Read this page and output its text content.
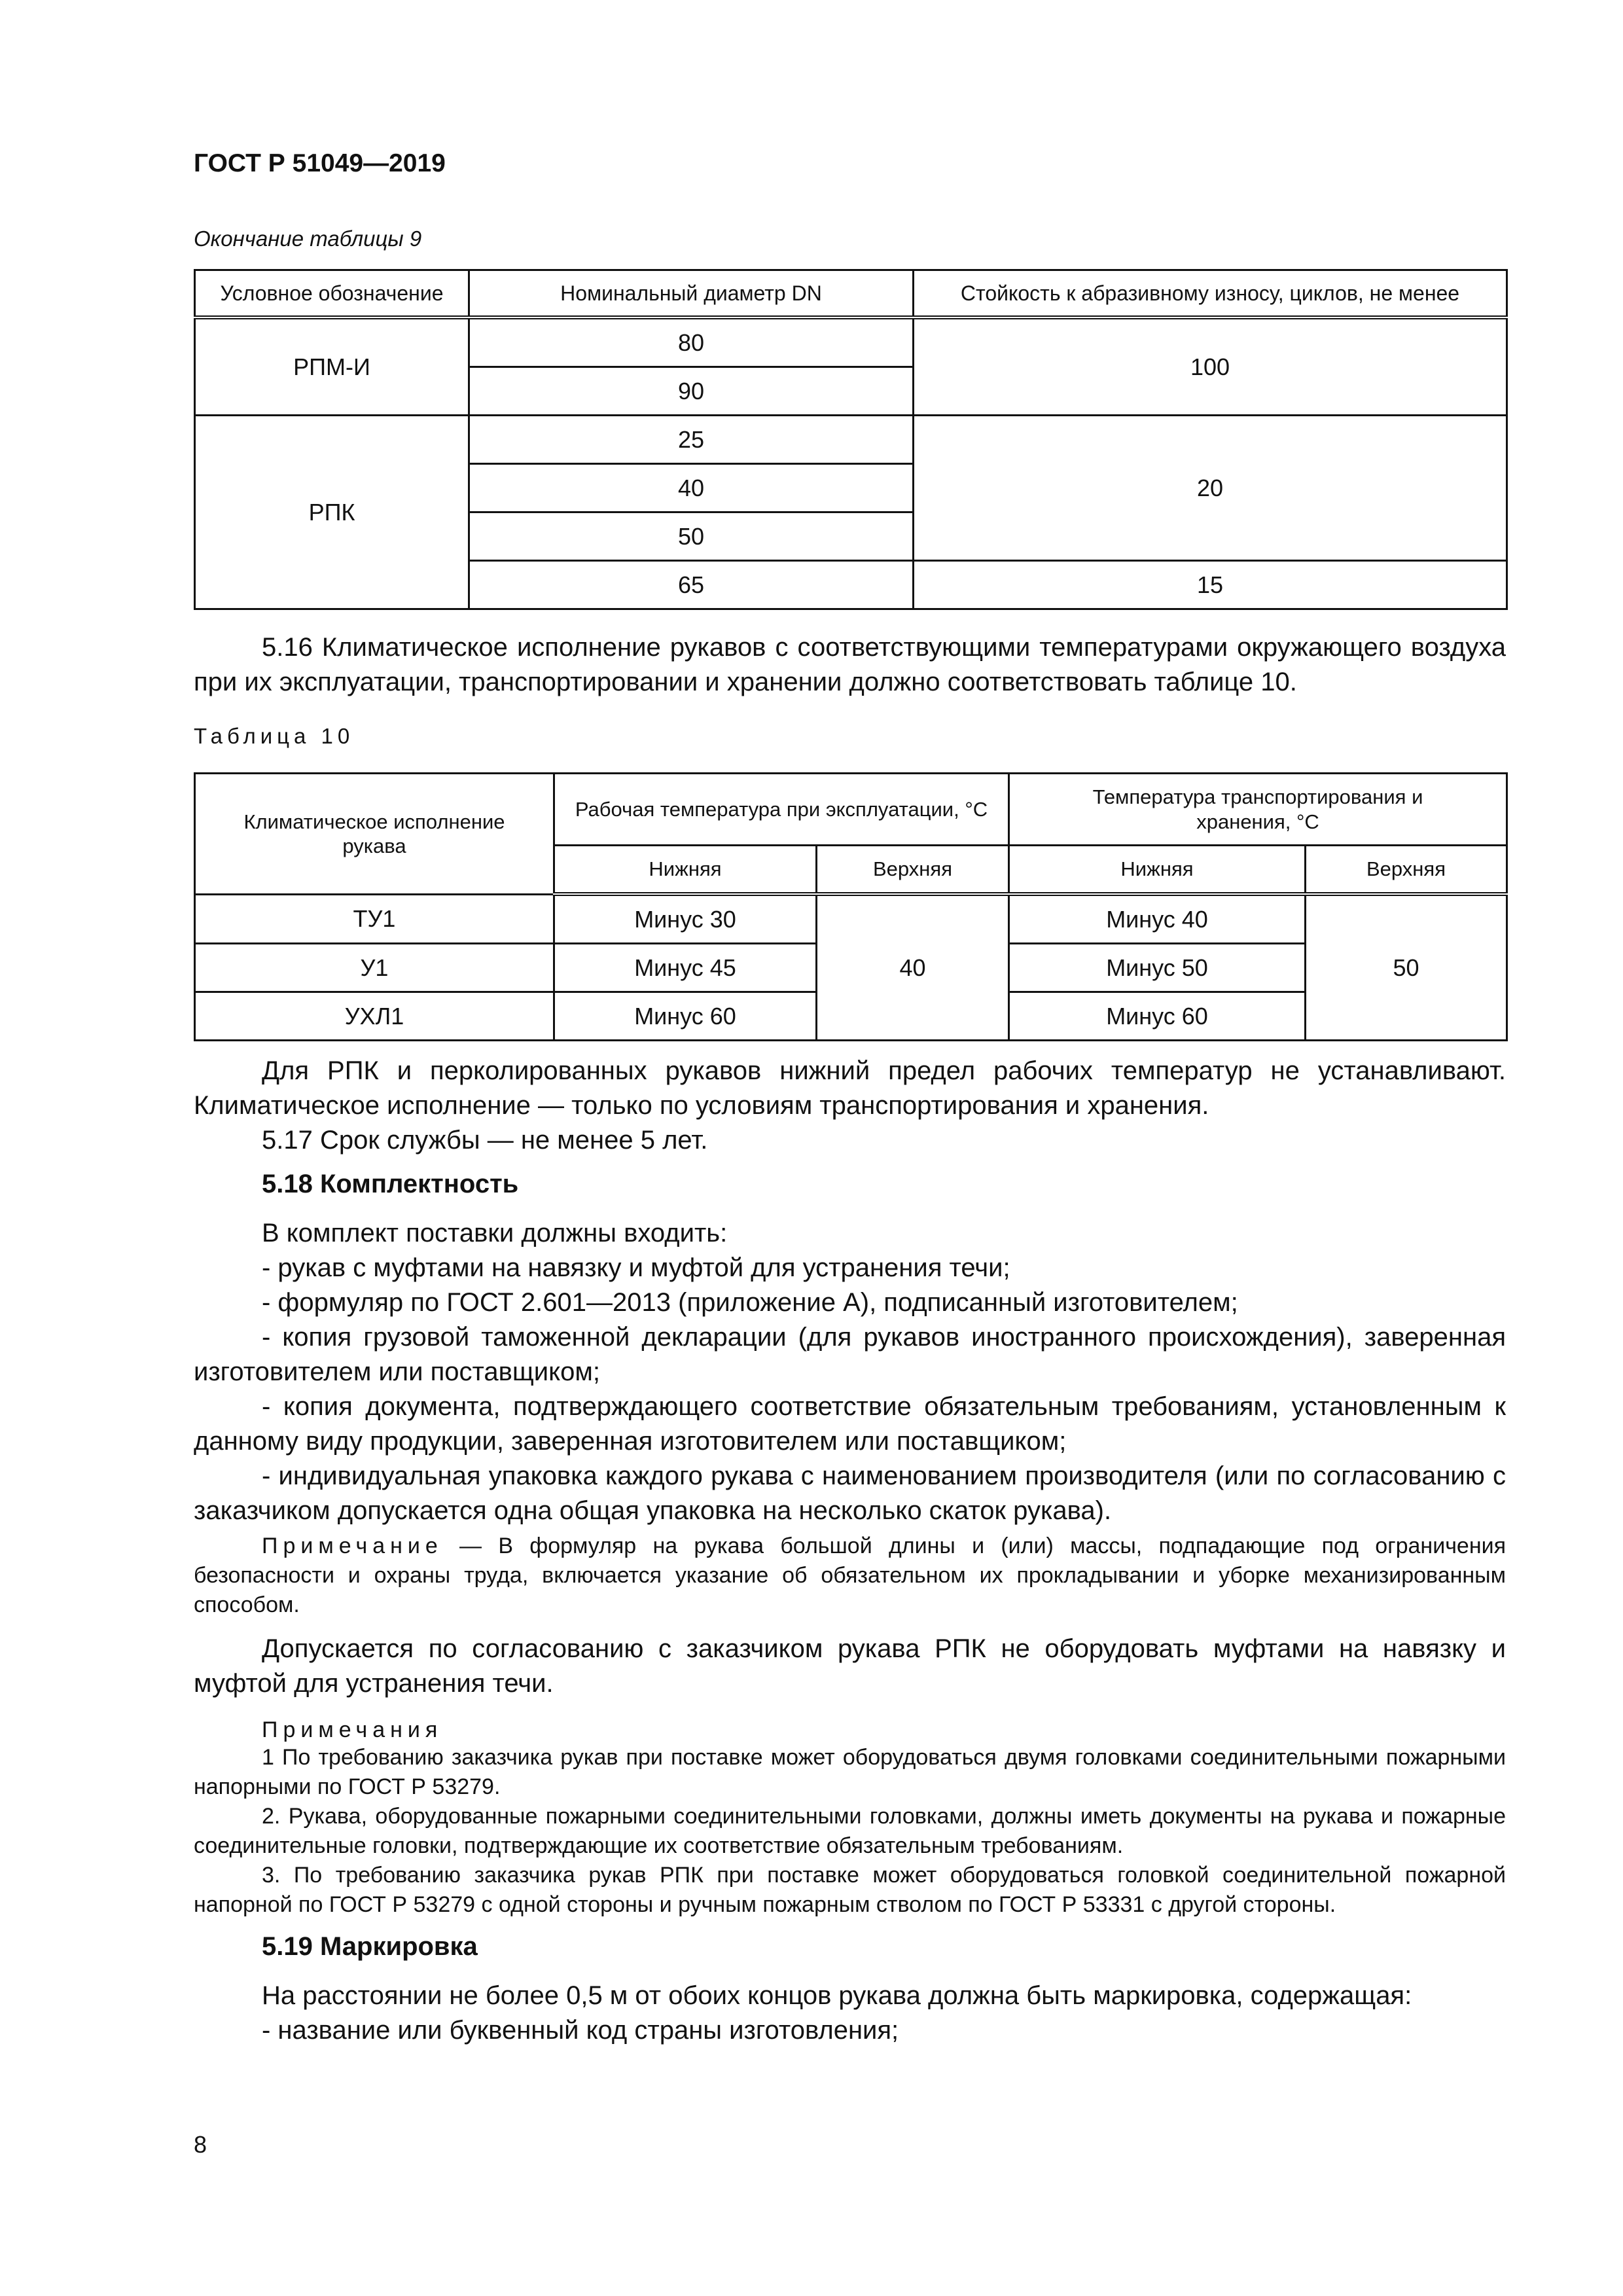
ГОСТ Р 51049—2019
Окончание таблицы 9
Условное обозначение	Номинальный диаметр DN	Стойкость к абразивному износу, циклов, не менее
РПМ-И	80	100
	90	
РПК	25	20
	40	
	50	
	65	15
5.16 Климатическое исполнение рукавов с соответствующими температурами окружающего воздуха при их эксплуатации, транспортировании и хранении должно соответствовать таблице 10.
Таблица 10
Климатическое исполнение рукава	Рабочая температура при эксплуатации, °С		Температура транспортирования и хранения, °С	
	Нижняя	Верхняя	Нижняя	Верхняя
ТУ1	Минус 30	40	Минус 40	50
У1	Минус 45		Минус 50	
УХЛ1	Минус 60		Минус 60	
Для РПК и перколированных рукавов нижний предел рабочих температур не устанавливают. Климатическое исполнение — только по условиям транспортирования и хранения.
5.17 Срок службы — не менее 5 лет.
5.18 Комплектность
В комплект поставки должны входить:
- рукав с муфтами на навязку и муфтой для устранения течи;
- формуляр по ГОСТ 2.601—2013 (приложение А), подписанный изготовителем;
- копия грузовой таможенной декларации (для рукавов иностранного происхождения), заверенная изготовителем или поставщиком;
- копия документа, подтверждающего соответствие обязательным требованиям, установленным к данному виду продукции, заверенная изготовителем или поставщиком;
- индивидуальная упаковка каждого рукава с наименованием производителя (или по согласованию с заказчиком допускается одна общая упаковка на несколько скаток рукава).
Примечание — В формуляр на рукава большой длины и (или) массы, подпадающие под ограничения безопасности и охраны труда, включается указание об обязательном их прокладывании и уборке механизированным способом.
Допускается по согласованию с заказчиком рукава РПК не оборудовать муфтами на навязку и муфтой для устранения течи.
Примечания
1 По требованию заказчика рукав при поставке может оборудоваться двумя головками соединительными пожарными напорными по ГОСТ Р 53279.
2. Рукава, оборудованные пожарными соединительными головками, должны иметь документы на рукава и пожарные соединительные головки, подтверждающие их соответствие обязательным требованиям.
3. По требованию заказчика рукав РПК при поставке может оборудоваться головкой соединительной пожарной напорной по ГОСТ Р 53279 с одной стороны и ручным пожарным стволом по ГОСТ Р 53331 с другой стороны.
5.19 Маркировка
На расстоянии не более 0,5 м от обоих концов рукава должна быть маркировка, содержащая:
- название или буквенный код страны изготовления;
8
